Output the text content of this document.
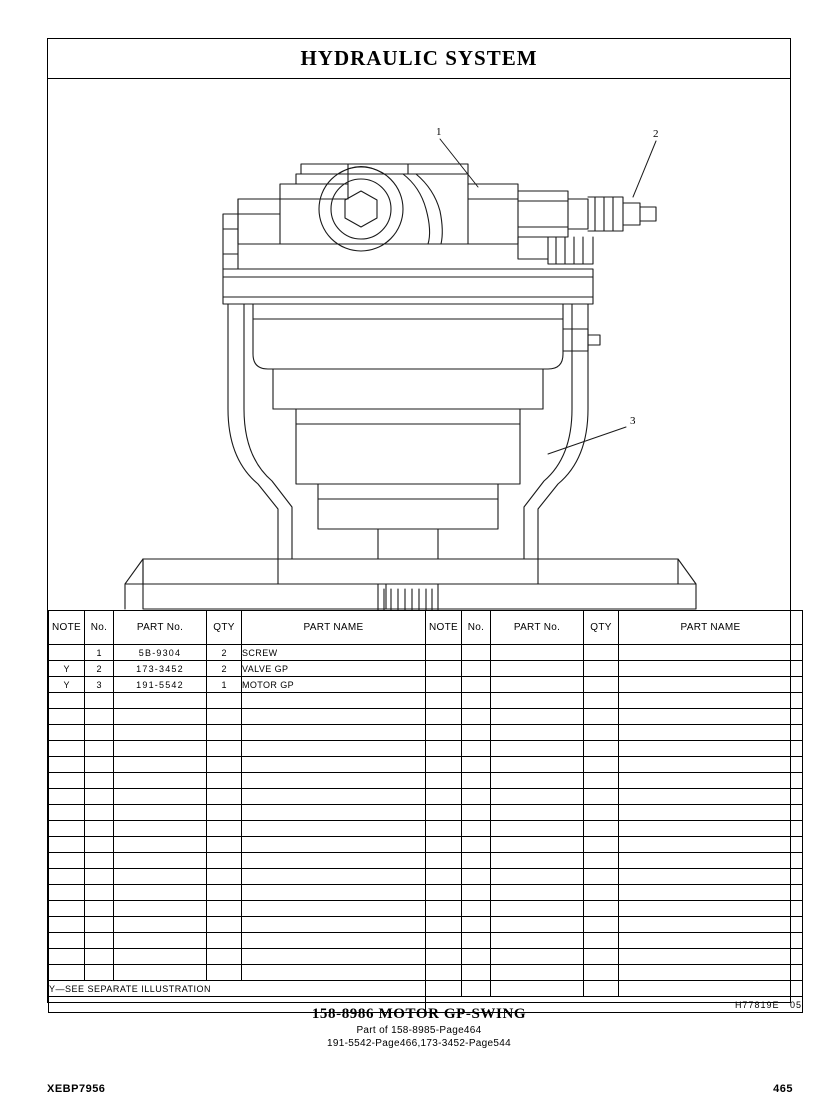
HYDRAULIC SYSTEM
1	2
3
NOTE	No.	PART No.	QTY	PART NAME	NOTE	No.	PART No.	QTY	PART NAME
	1	5B‑9304	2	SCREW					
Y	2	173‑3452	2	VALVE GP					
Y	3	191‑5542	1	MOTOR GP					

Y—SEE SEPARATE ILLUSTRATION									
					H77819E 05				
158‑8986 MOTOR GP‑SWING
Part of 158‑8985‑Page464
191‑5542‑Page466,173‑3452‑Page544
XEBP7956	465
